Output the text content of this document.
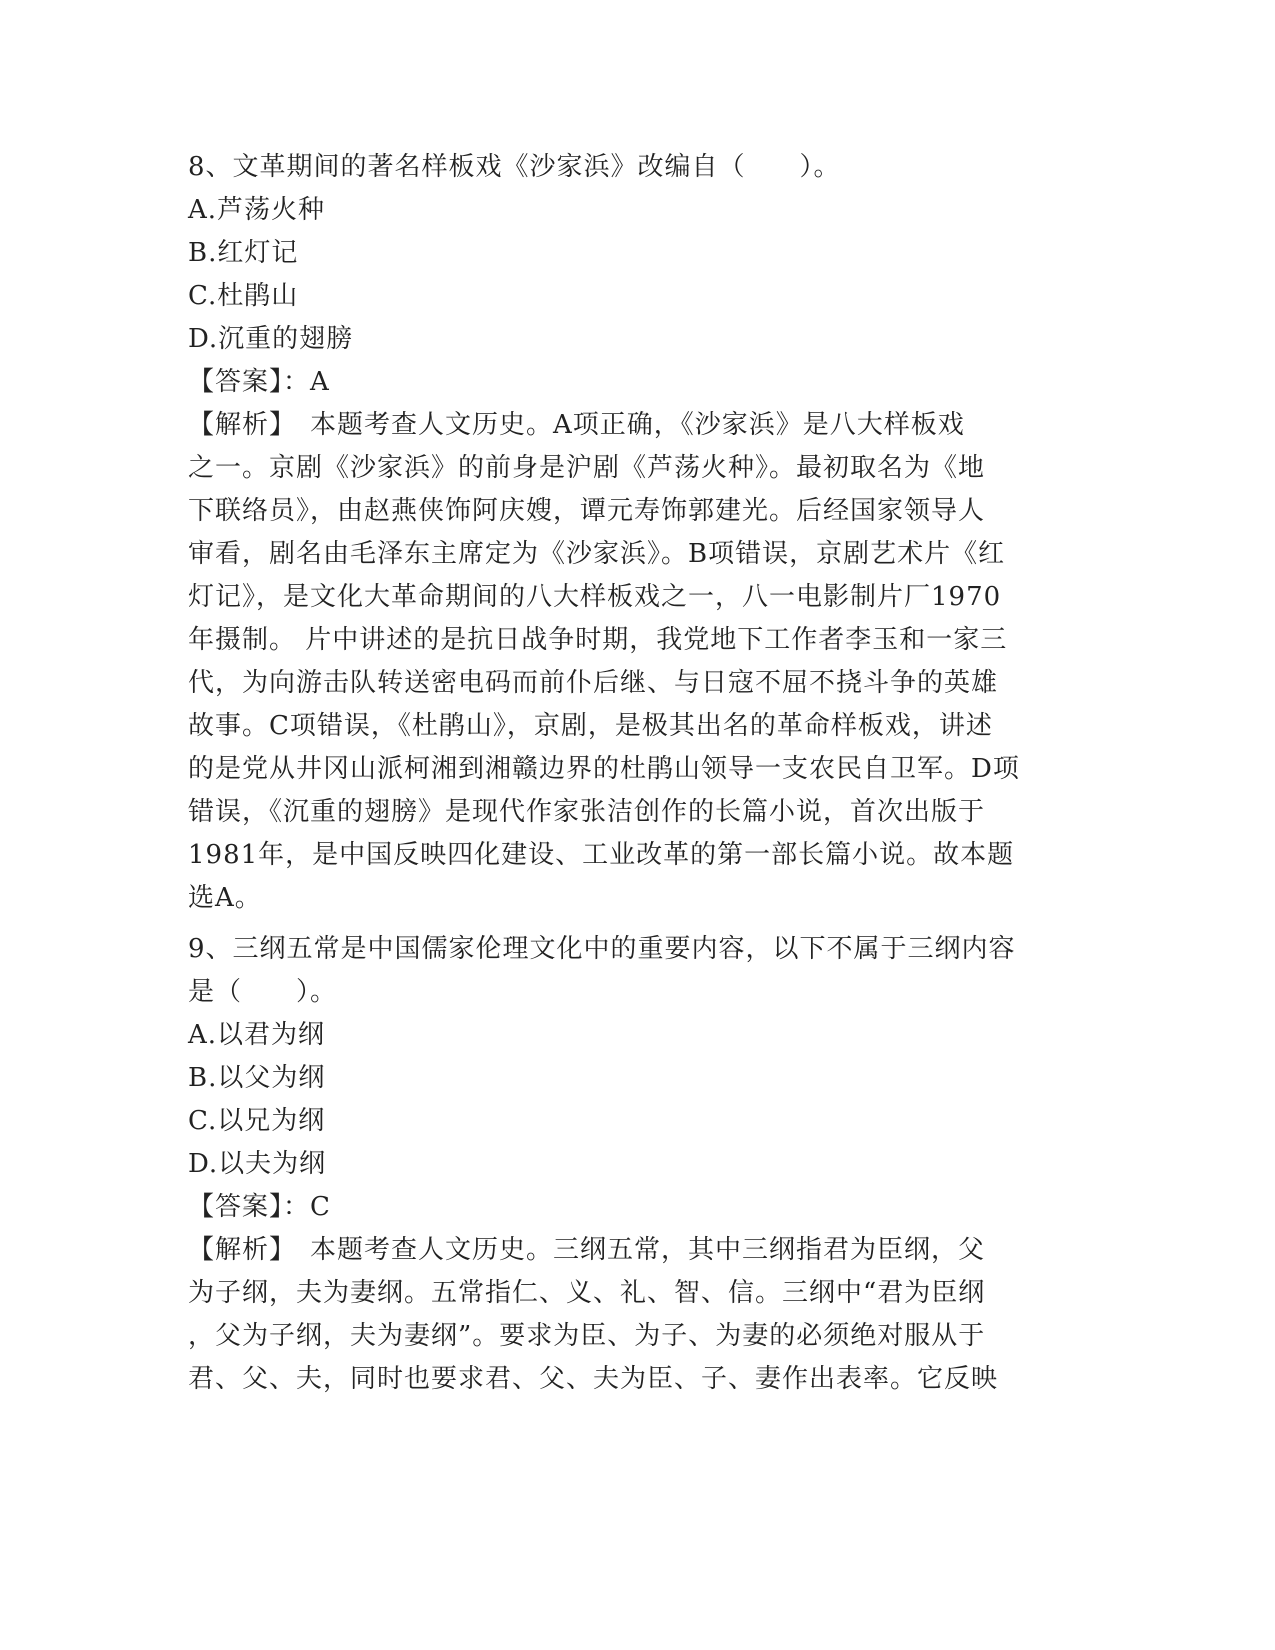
8、文革期间的著名样板戏《沙家浜》改编自（　　）。

A.芦荡火种

B.红灯记

C.杜鹃山

D.沉重的翅膀

【答案】：A

【解析】　本题考查人文历史。A项正确，《沙家浜》是八大样板戏

之一。京剧《沙家浜》的前身是沪剧《芦荡火种》。最初取名为《地

下联络员》，由赵燕侠饰阿庆嫂，谭元寿饰郭建光。后经国家领导人

审看，剧名由毛泽东主席定为《沙家浜》。B项错误，京剧艺术片《红

灯记》，是文化大革命期间的八大样板戏之一，八一电影制片厂1970

年摄制。 片中讲述的是抗日战争时期，我党地下工作者李玉和一家三

代，为向游击队转送密电码而前仆后继、与日寇不屈不挠斗争的英雄

故事。C项错误，《杜鹃山》，京剧，是极其出名的革命样板戏，讲述

的是党从井冈山派柯湘到湘赣边界的杜鹃山领导一支农民自卫军。D项

错误，《沉重的翅膀》是现代作家张洁创作的长篇小说，首次出版于

1981年，是中国反映四化建设、工业改革的第一部长篇小说。故本题

选A。

9、三纲五常是中国儒家伦理文化中的重要内容，以下不属于三纲内容

是（　　）。

A.以君为纲

B.以父为纲

C.以兄为纲

D.以夫为纲

【答案】：C

【解析】　本题考查人文历史。三纲五常，其中三纲指君为臣纲，父

为子纲，夫为妻纲。五常指仁、义、礼、智、信。三纲中“君为臣纲

，父为子纲，夫为妻纲”。要求为臣、为子、为妻的必须绝对服从于

君、父、夫，同时也要求君、父、夫为臣、子、妻作出表率。它反映
